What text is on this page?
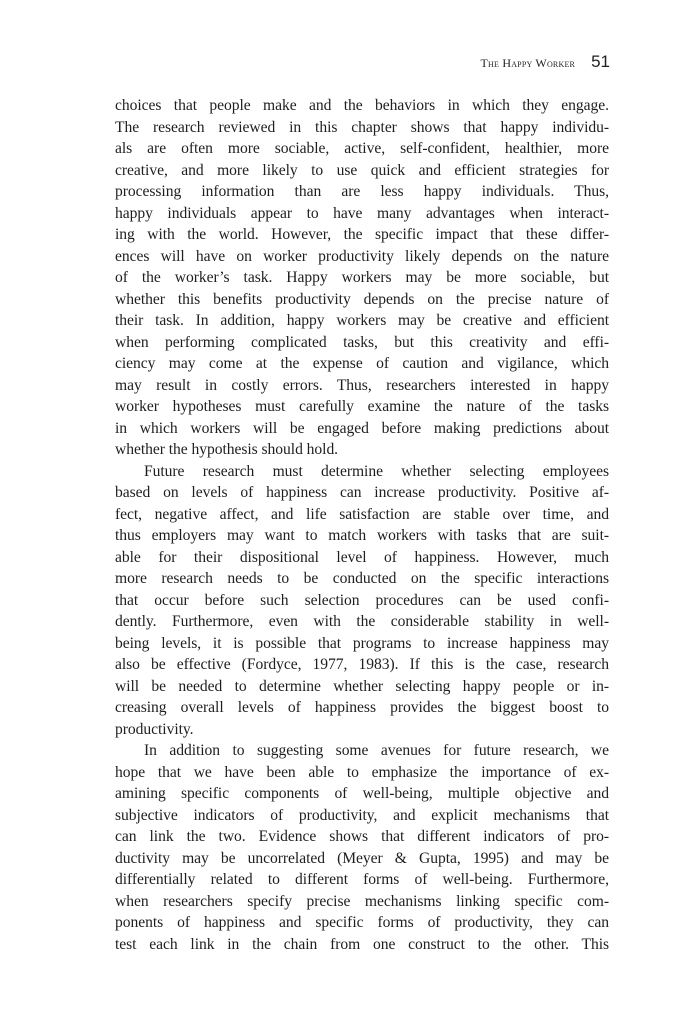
The Happy Worker 51
choices that people make and the behaviors in which they engage.
The research reviewed in this chapter shows that happy individu-
als are often more sociable, active, self-confident, healthier, more
creative, and more likely to use quick and efficient strategies for
processing information than are less happy individuals. Thus,
happy individuals appear to have many advantages when interact-
ing with the world. However, the specific impact that these differ-
ences will have on worker productivity likely depends on the nature
of the worker’s task. Happy workers may be more sociable, but
whether this benefits productivity depends on the precise nature of
their task. In addition, happy workers may be creative and efficient
when performing complicated tasks, but this creativity and effi-
ciency may come at the expense of caution and vigilance, which
may result in costly errors. Thus, researchers interested in happy
worker hypotheses must carefully examine the nature of the tasks
in which workers will be engaged before making predictions about
whether the hypothesis should hold.
Future research must determine whether selecting employees
based on levels of happiness can increase productivity. Positive af-
fect, negative affect, and life satisfaction are stable over time, and
thus employers may want to match workers with tasks that are suit-
able for their dispositional level of happiness. However, much
more research needs to be conducted on the specific interactions
that occur before such selection procedures can be used confi-
dently. Furthermore, even with the considerable stability in well-
being levels, it is possible that programs to increase happiness may
also be effective (Fordyce, 1977, 1983). If this is the case, research
will be needed to determine whether selecting happy people or in-
creasing overall levels of happiness provides the biggest boost to
productivity.
In addition to suggesting some avenues for future research, we
hope that we have been able to emphasize the importance of ex-
amining specific components of well-being, multiple objective and
subjective indicators of productivity, and explicit mechanisms that
can link the two. Evidence shows that different indicators of pro-
ductivity may be uncorrelated (Meyer & Gupta, 1995) and may be
differentially related to different forms of well-being. Furthermore,
when researchers specify precise mechanisms linking specific com-
ponents of happiness and specific forms of productivity, they can
test each link in the chain from one construct to the other. This
